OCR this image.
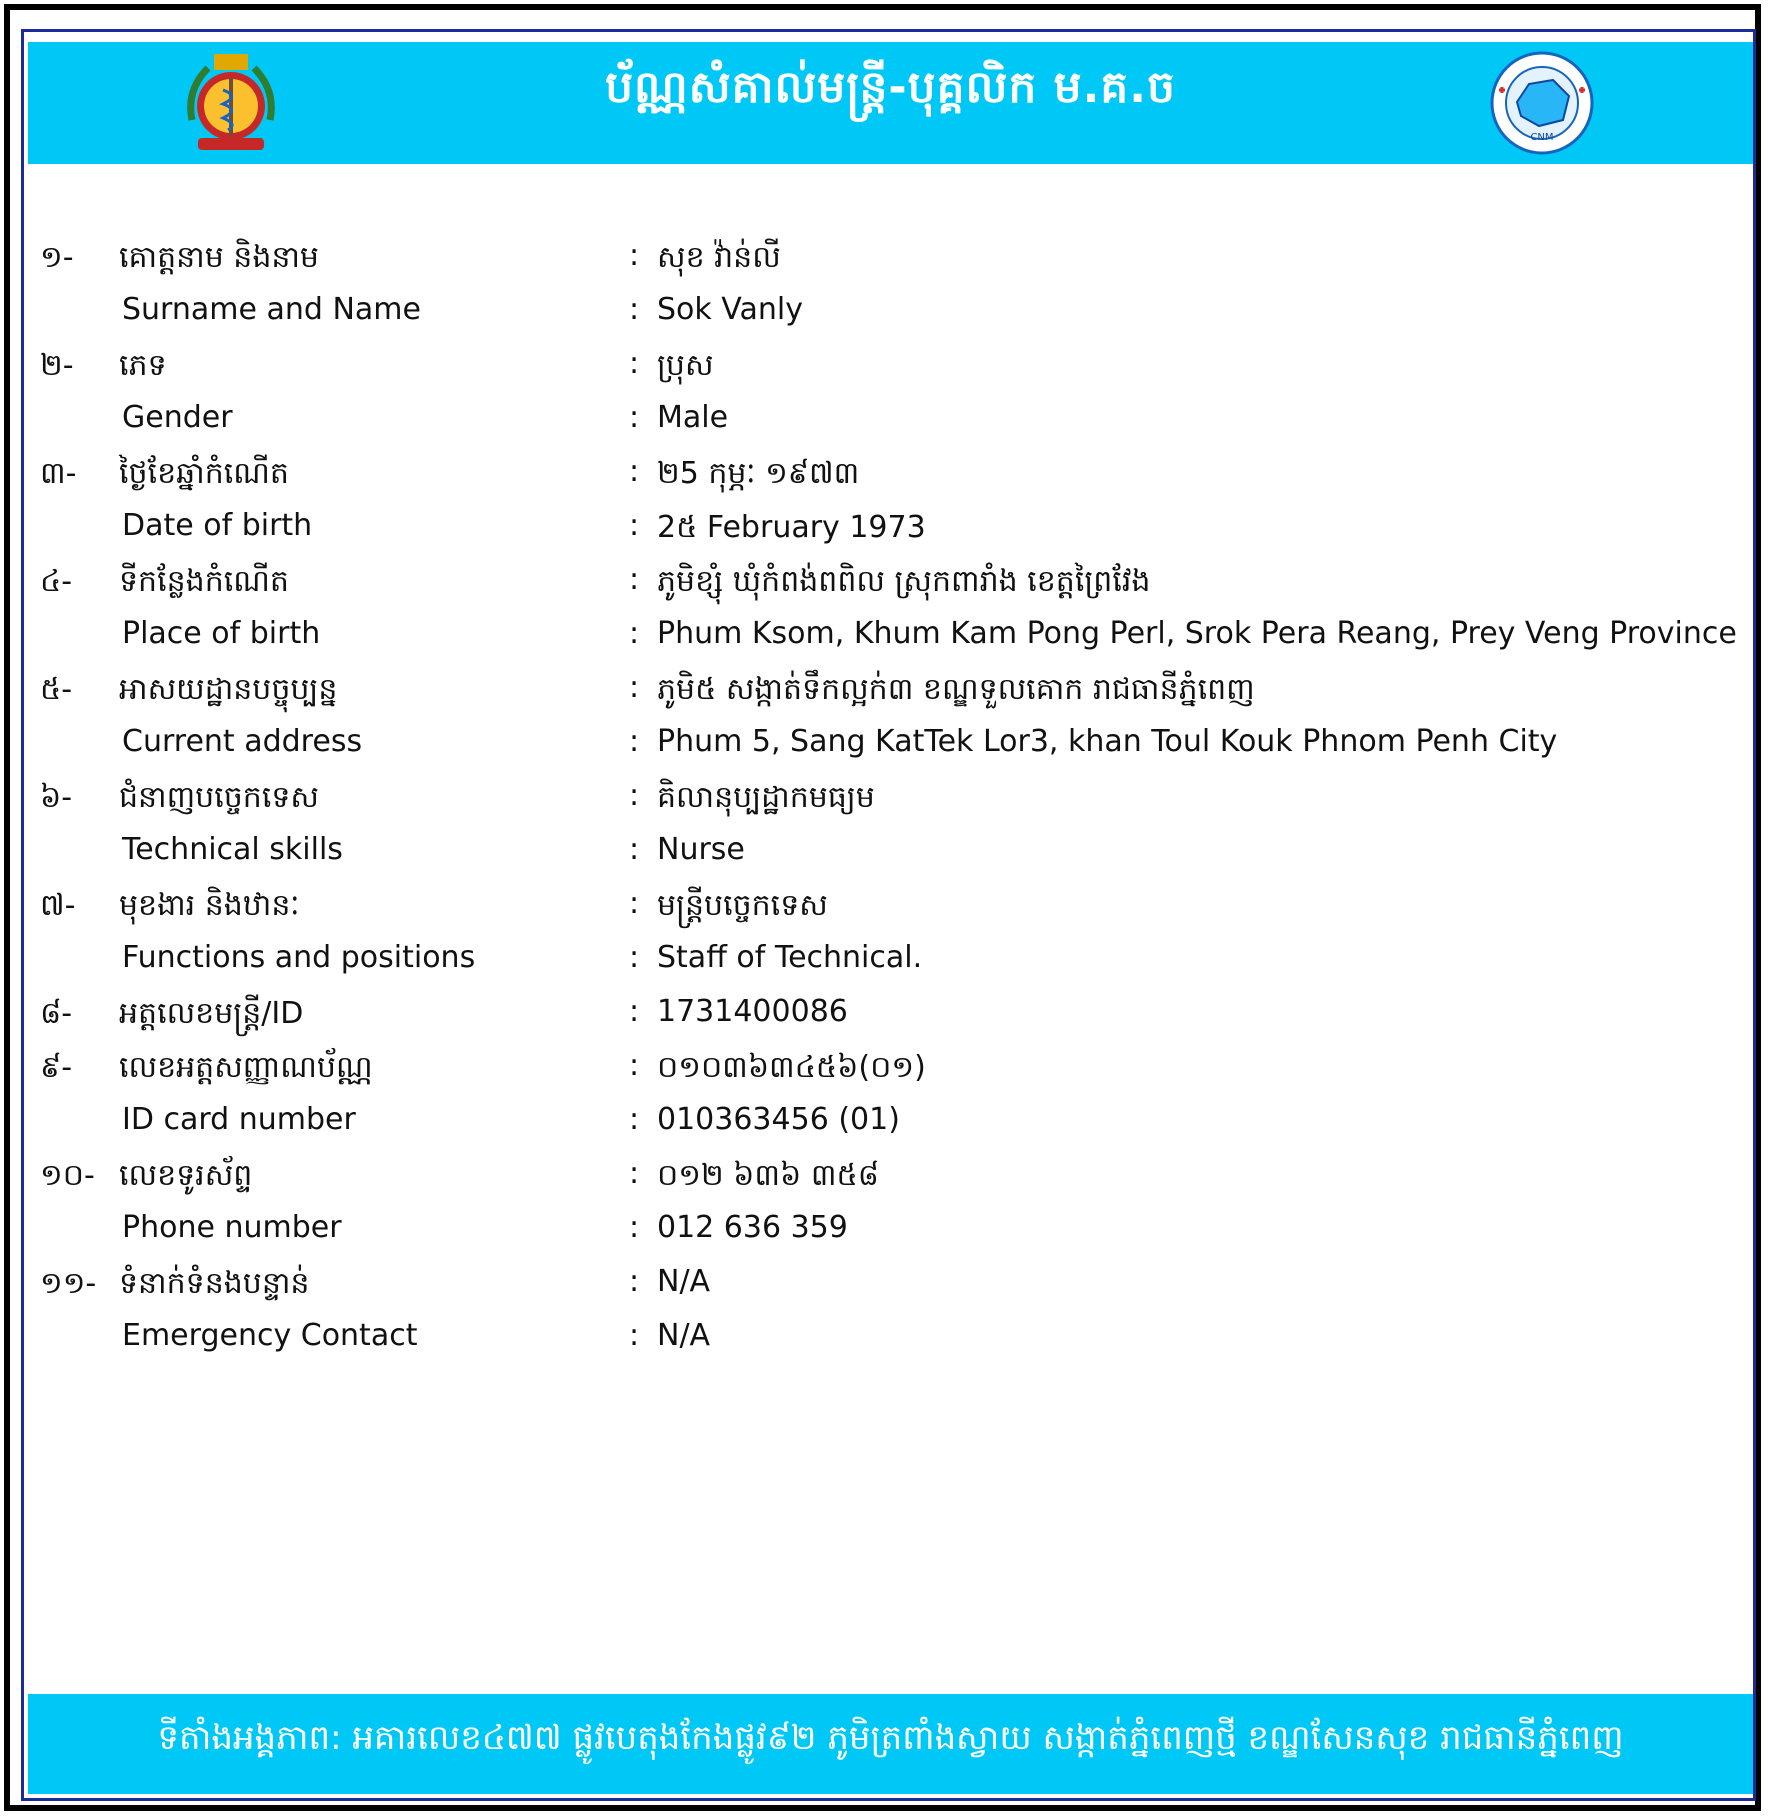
ប័ណ្ណសំគាល់មន្ត្រី-បុគ្គលិក ម.គ.ច
CNM
១- គោត្តនាម និងនាម	: សុខ វ៉ាន់លី
Surname and Name	: Sok Vanly
២- ភេទ	: ប្រុស
Gender	: Male
៣- ថ្ងៃខែឆ្នាំកំណើត	: ២5 កុម្ភៈ ១៩៧៣
Date of birth	: 2៥ February 1973
៤- ទីកន្លែងកំណើត	: ភូមិខ្សុំ ឃុំកំពង់ពពិល ស្រុកពារាំង ខេត្តព្រៃវែង
Place of birth	: Phum Ksom, Khum Kam Pong Perl, Srok Pera Reang, Prey Veng Province
៥- អាសយដ្ឋានបច្ចុប្បន្ន	: ភូមិ៥ សង្កាត់ទឹកល្អក់៣ ខណ្ឌទួលគោក រាជធានីភ្នំពេញ
Current address	: Phum 5, Sang KatTek Lor3, khan Toul Kouk Phnom Penh City
៦- ជំនាញបច្ចេកទេស	: គិលានុប្បដ្ឋាកមធ្យម
Technical skills	: Nurse
៧- មុខងារ និងឋានៈ	: មន្ត្រីបច្ចេកទេស
Functions and positions	: Staff of Technical.
៨- អត្តលេខមន្ត្រី/ID	: 1731400086
៩- លេខអត្តសញ្ញាណប័ណ្ណ	: ០១០៣៦៣៤៥៦(០១)
ID card number	: 010363456 (01)
១០- លេខទូរស័ព្ទ	: ០១២ ៦៣៦ ៣៥៨
Phone number	: 012 636 359
១១- ទំនាក់ទំនងបន្ទាន់	: N/A
Emergency Contact	: N/A
ទីតាំងអង្គភាព: អគារលេខ៤៧៧ ផ្លូវបេតុងកែងផ្លូវ៩២ ភូមិត្រពាំងស្វាយ សង្កាត់ភ្នំពេញថ្មី ខណ្ឌសែនសុខ រាជធានីភ្នំពេញ
